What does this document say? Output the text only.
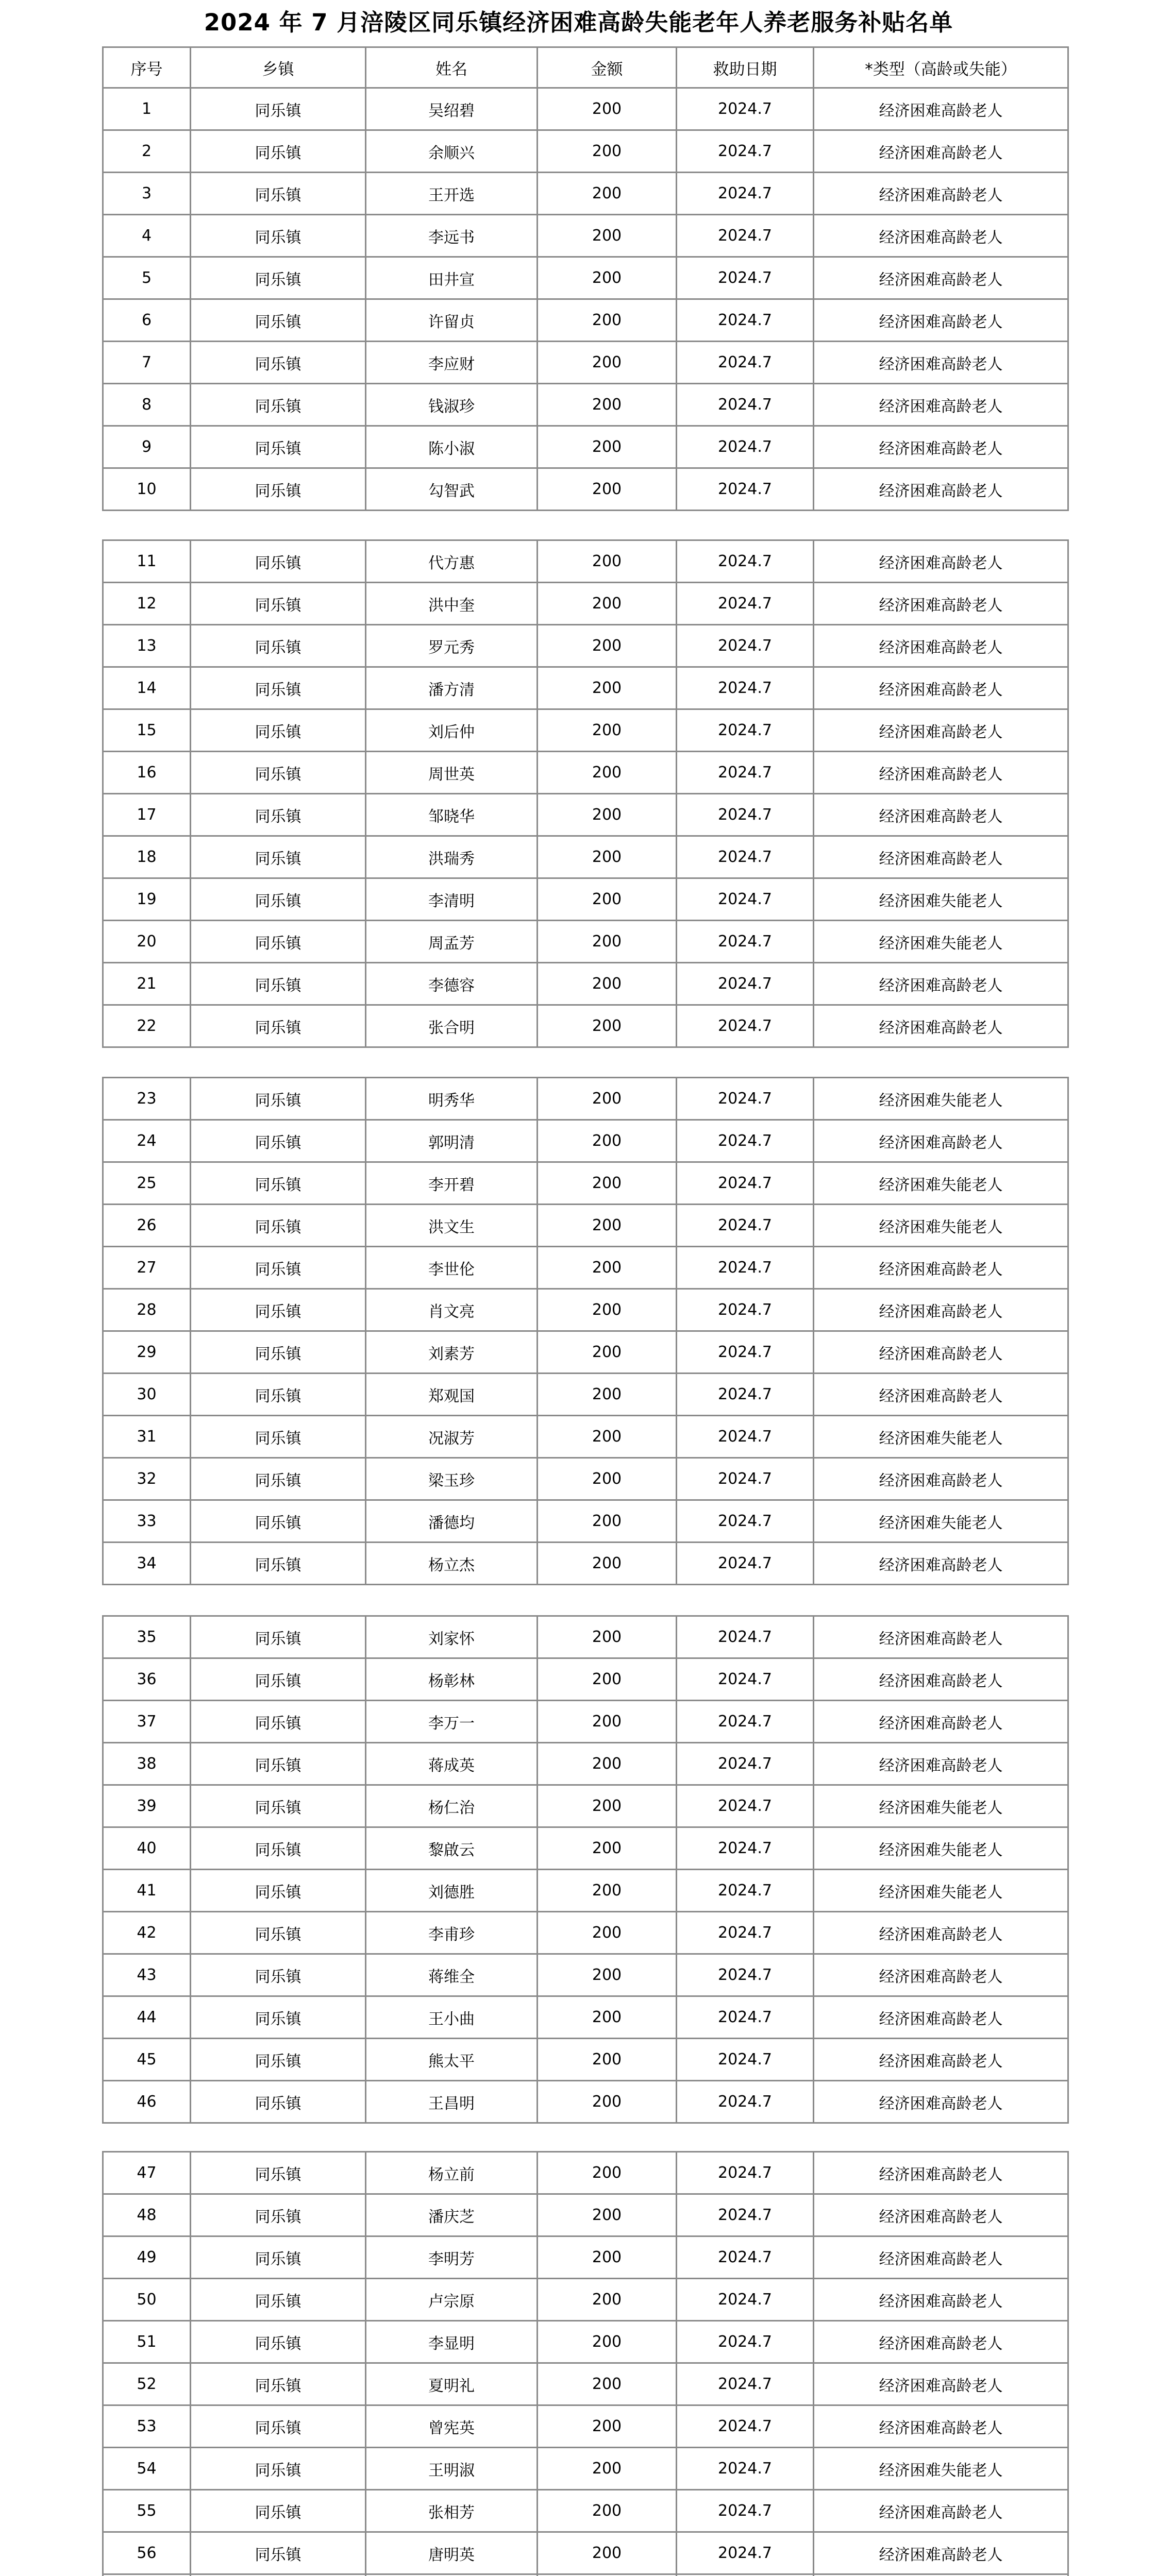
2024 年 7 月涪陵区同乐镇经济困难高龄失能老年人养老服务补贴名单
序号	乡镇	姓名	金额	救助日期	*类型（高龄或失能）
1	同乐镇	吴绍碧	200	2024.7	经济困难高龄老人
2	同乐镇	余顺兴	200	2024.7	经济困难高龄老人
3	同乐镇	王开选	200	2024.7	经济困难高龄老人
4	同乐镇	李远书	200	2024.7	经济困难高龄老人
5	同乐镇	田井宣	200	2024.7	经济困难高龄老人
6	同乐镇	许留贞	200	2024.7	经济困难高龄老人
7	同乐镇	李应财	200	2024.7	经济困难高龄老人
8	同乐镇	钱淑珍	200	2024.7	经济困难高龄老人
9	同乐镇	陈小淑	200	2024.7	经济困难高龄老人
10	同乐镇	勾智武	200	2024.7	经济困难高龄老人
11	同乐镇	代方惠	200	2024.7	经济困难高龄老人
12	同乐镇	洪中奎	200	2024.7	经济困难高龄老人
13	同乐镇	罗元秀	200	2024.7	经济困难高龄老人
14	同乐镇	潘方清	200	2024.7	经济困难高龄老人
15	同乐镇	刘后仲	200	2024.7	经济困难高龄老人
16	同乐镇	周世英	200	2024.7	经济困难高龄老人
17	同乐镇	邹晓华	200	2024.7	经济困难高龄老人
18	同乐镇	洪瑞秀	200	2024.7	经济困难高龄老人
19	同乐镇	李清明	200	2024.7	经济困难失能老人
20	同乐镇	周孟芳	200	2024.7	经济困难失能老人
21	同乐镇	李德容	200	2024.7	经济困难高龄老人
22	同乐镇	张合明	200	2024.7	经济困难高龄老人
23	同乐镇	明秀华	200	2024.7	经济困难失能老人
24	同乐镇	郭明清	200	2024.7	经济困难高龄老人
25	同乐镇	李开碧	200	2024.7	经济困难失能老人
26	同乐镇	洪文生	200	2024.7	经济困难失能老人
27	同乐镇	李世伦	200	2024.7	经济困难高龄老人
28	同乐镇	肖文亮	200	2024.7	经济困难高龄老人
29	同乐镇	刘素芳	200	2024.7	经济困难高龄老人
30	同乐镇	郑观国	200	2024.7	经济困难高龄老人
31	同乐镇	况淑芳	200	2024.7	经济困难失能老人
32	同乐镇	梁玉珍	200	2024.7	经济困难高龄老人
33	同乐镇	潘德均	200	2024.7	经济困难失能老人
34	同乐镇	杨立杰	200	2024.7	经济困难高龄老人
35	同乐镇	刘家怀	200	2024.7	经济困难高龄老人
36	同乐镇	杨彰林	200	2024.7	经济困难高龄老人
37	同乐镇	李万一	200	2024.7	经济困难高龄老人
38	同乐镇	蒋成英	200	2024.7	经济困难高龄老人
39	同乐镇	杨仁治	200	2024.7	经济困难失能老人
40	同乐镇	黎啟云	200	2024.7	经济困难失能老人
41	同乐镇	刘德胜	200	2024.7	经济困难失能老人
42	同乐镇	李甫珍	200	2024.7	经济困难高龄老人
43	同乐镇	蒋维全	200	2024.7	经济困难高龄老人
44	同乐镇	王小曲	200	2024.7	经济困难高龄老人
45	同乐镇	熊太平	200	2024.7	经济困难高龄老人
46	同乐镇	王昌明	200	2024.7	经济困难高龄老人
47	同乐镇	杨立前	200	2024.7	经济困难高龄老人
48	同乐镇	潘庆芝	200	2024.7	经济困难高龄老人
49	同乐镇	李明芳	200	2024.7	经济困难高龄老人
50	同乐镇	卢宗原	200	2024.7	经济困难高龄老人
51	同乐镇	李显明	200	2024.7	经济困难高龄老人
52	同乐镇	夏明礼	200	2024.7	经济困难高龄老人
53	同乐镇	曾宪英	200	2024.7	经济困难高龄老人
54	同乐镇	王明淑	200	2024.7	经济困难失能老人
55	同乐镇	张相芳	200	2024.7	经济困难高龄老人
56	同乐镇	唐明英	200	2024.7	经济困难高龄老人
